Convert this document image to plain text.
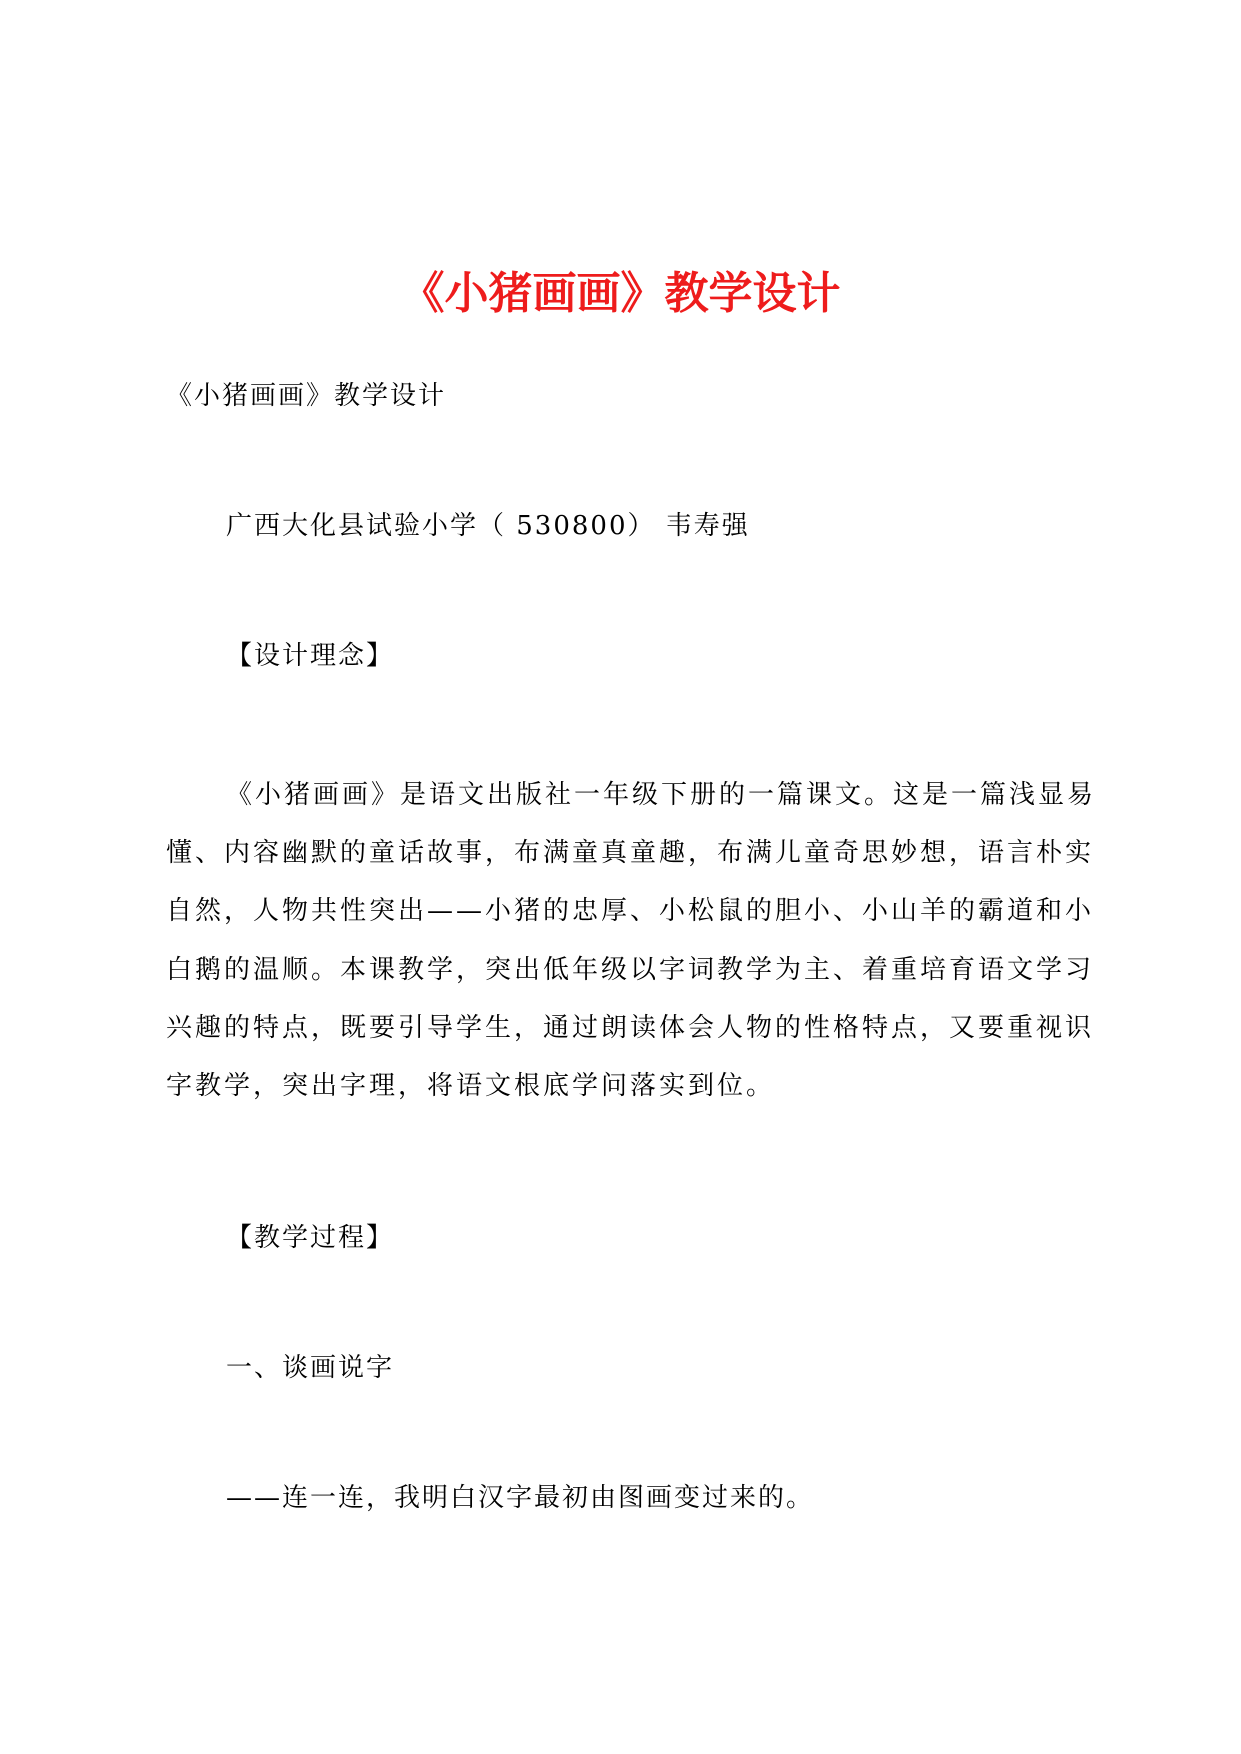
《小猪画画》教学设计
《小猪画画》教学设计
广西大化县试验小学（ 530800） 韦寿强
【设计理念】
《小猪画画》是语文出版社一年级下册的一篇课文。这是一篇浅显易
懂、内容幽默的童话故事，布满童真童趣，布满儿童奇思妙想，语言朴实
自然，人物共性突出——小猪的忠厚、小松鼠的胆小、小山羊的霸道和小
白鹅的温顺。本课教学，突出低年级以字词教学为主、着重培育语文学习
兴趣的特点，既要引导学生，通过朗读体会人物的性格特点，又要重视识
字教学，突出字理，将语文根底学问落实到位。
【教学过程】
一、谈画说字
——连一连，我明白汉字最初由图画变过来的。
